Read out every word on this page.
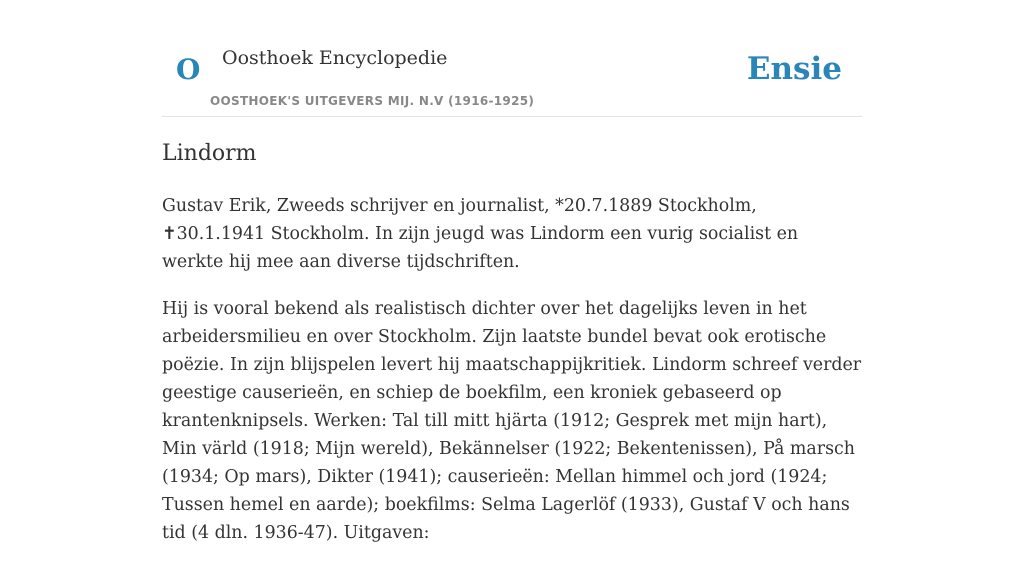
O Oosthoek Encyclopedie
OOSTHOEK'S UITGEVERS MIJ. N.V (1916-1925)
Ensie
Lindorm

Gustav Erik, Zweeds schrijver en journalist, *20.7.1889 Stockholm, ✝30.1.1941 Stockholm. In zijn jeugd was Lindorm een vurig socialist en werkte hij mee aan diverse tijdschriften.

Hij is vooral bekend als realistisch dichter over het dagelijks leven in het arbeidersmilieu en over Stockholm. Zijn laatste bundel bevat ook erotische poëzie. In zijn blijspelen levert hij maatschappijkritiek. Lindorm schreef verder geestige causerieën, en schiep de boekfilm, een kroniek gebaseerd op krantenknipsels. Werken: Tal till mitt hjärta (1912; Gesprek met mijn hart), Min värld (1918; Mijn wereld), Bekännelser (1922; Bekentenissen), På marsch (1934; Op mars), Dikter (1941); causerieën: Mellan himmel och jord (1924; Tussen hemel en aarde); boekfilms: Selma Lagerlöf (1933), Gustaf V och hans tid (4 dln. 1936-47). Uitgaven:
